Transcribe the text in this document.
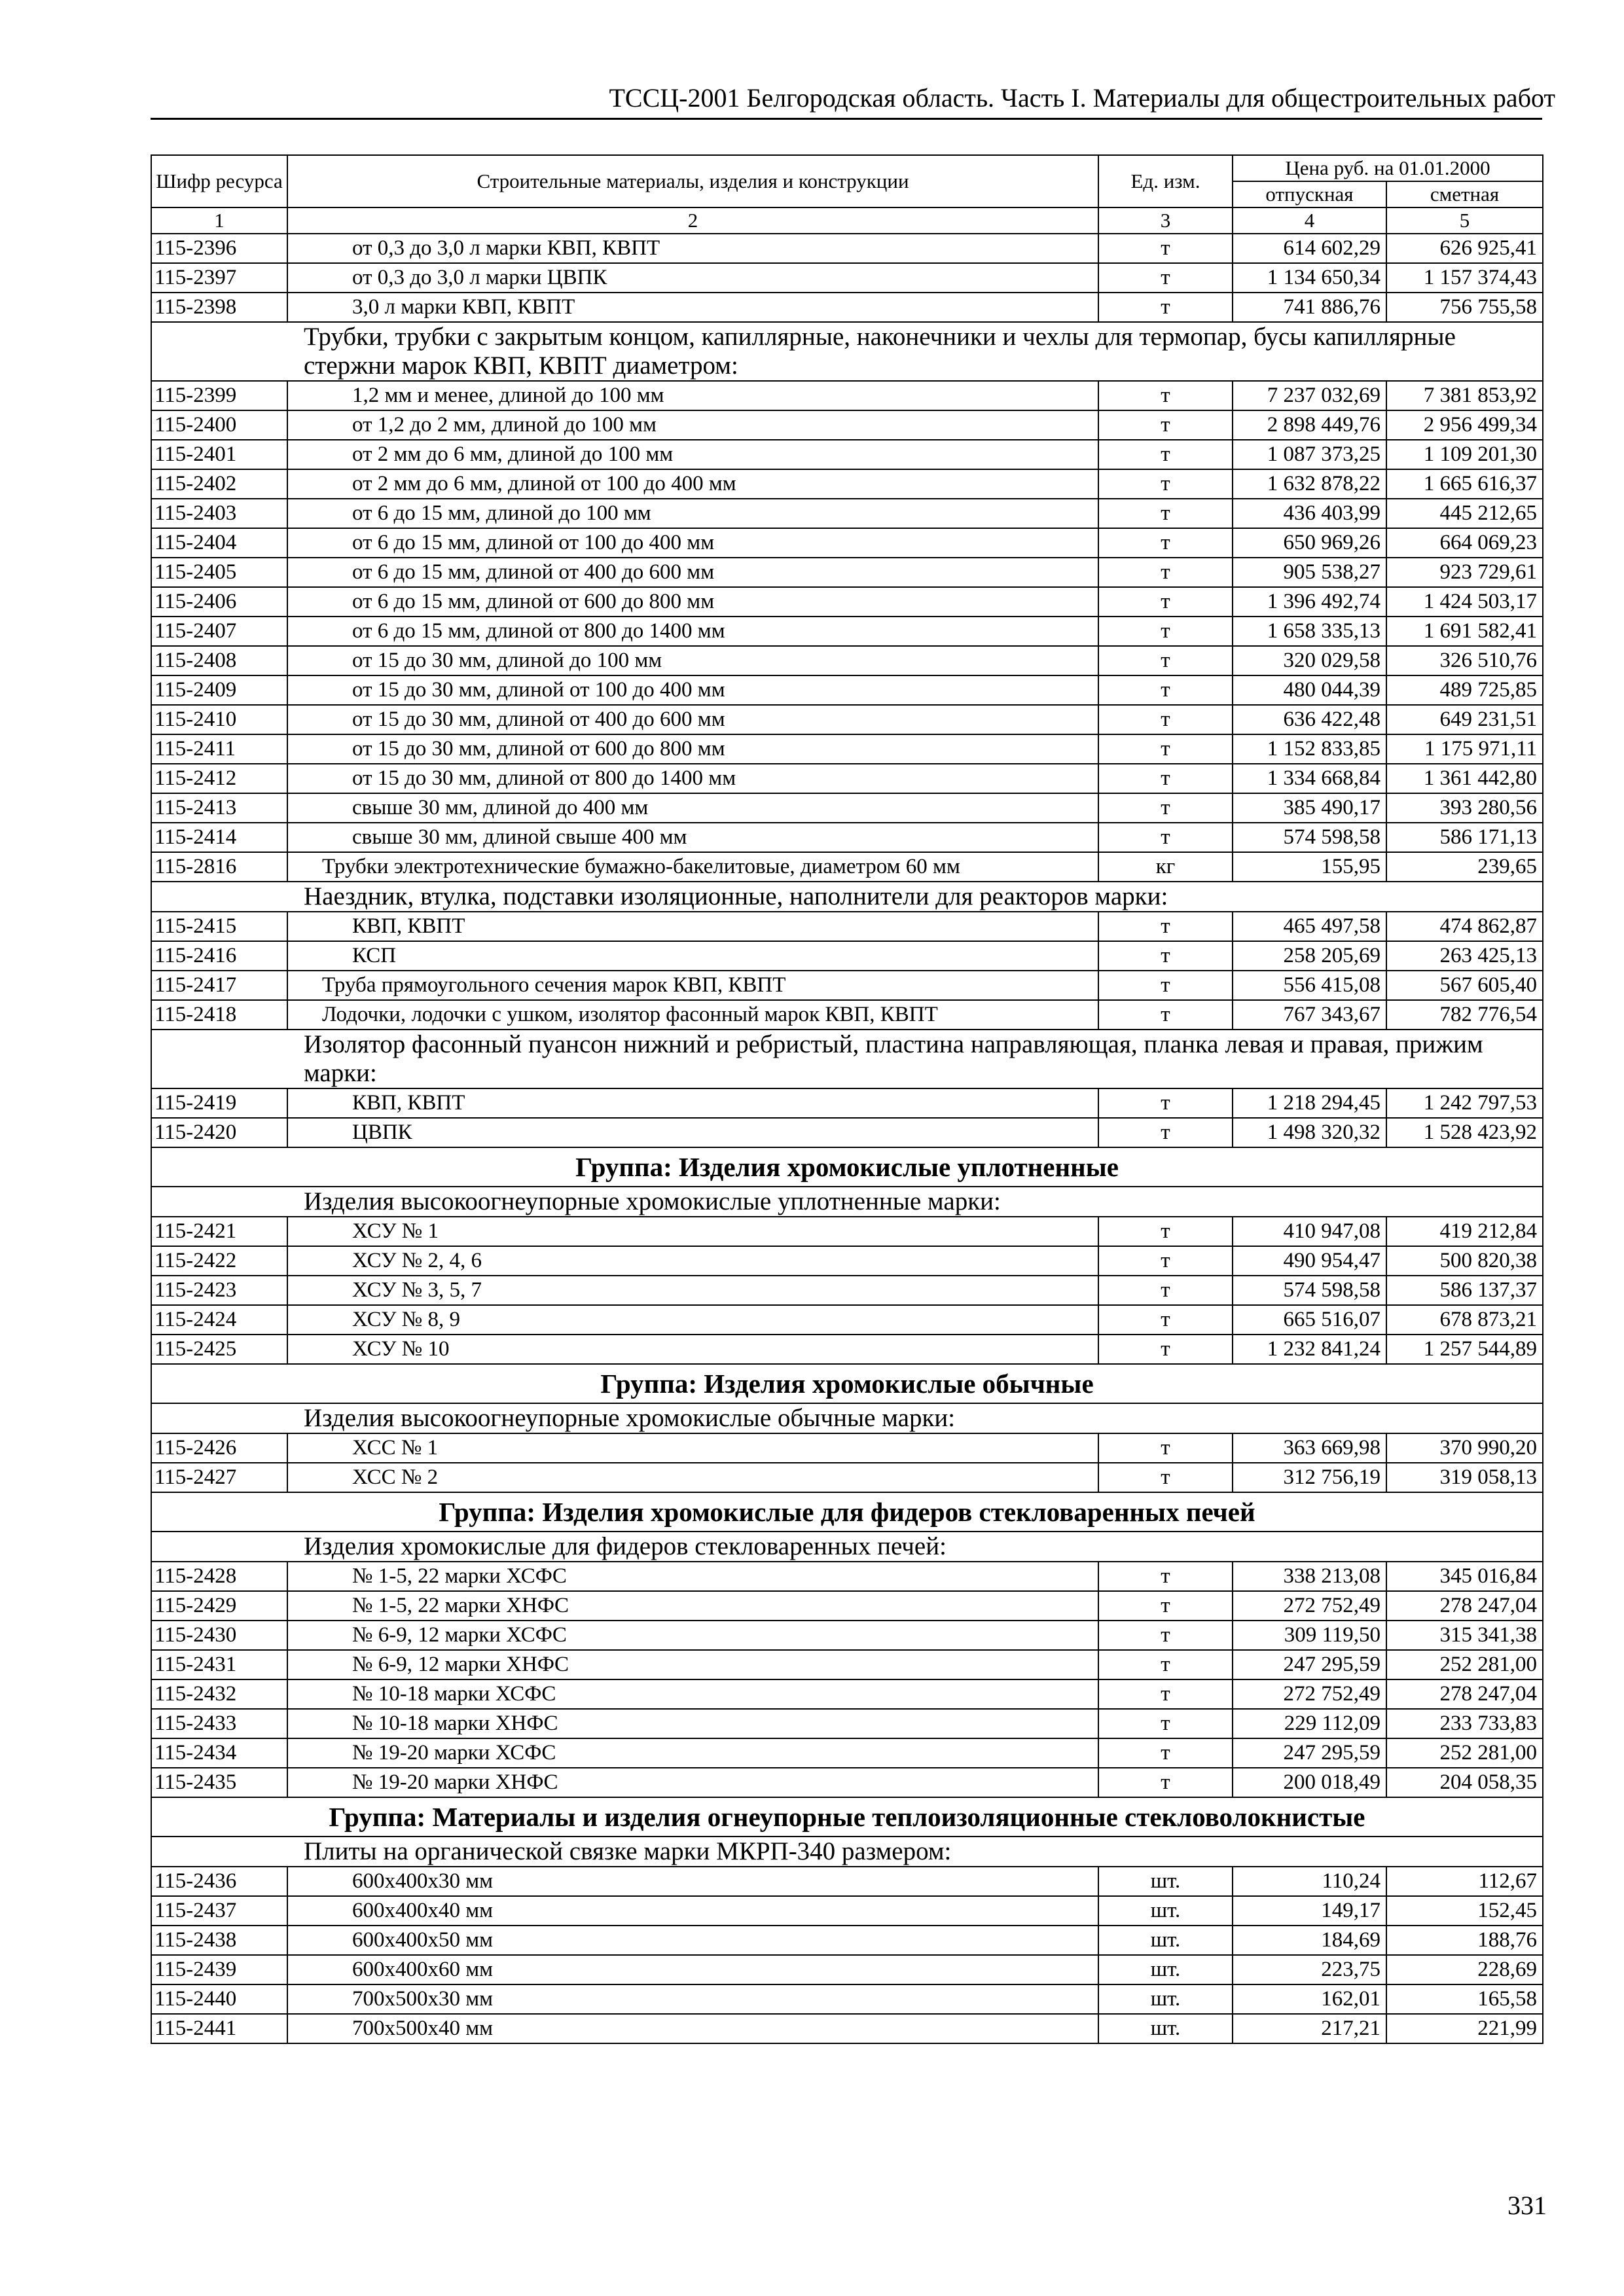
ТССЦ-2001 Белгородская область. Часть I. Материалы для общестроительных работ
Шифр ресурса	Строительные материалы, изделия и конструкции	Ед. изм.	Цена руб. на 01.01.2000	
			отпускная	сметная
1	2	3	4	5
115-2396	от 0,3 до 3,0 л марки КВП, КВПТ	т	614 602,29	626 925,41
115-2397	от 0,3 до 3,0 л марки ЦВПК	т	1 134 650,34	1 157 374,43
115-2398	3,0 л марки КВП, КВПТ	т	741 886,76	756 755,58
Трубки, трубки с закрытым концом, капиллярные, наконечники и чехлы для термопар, бусы капиллярные стержни марок КВП, КВПТ диаметром:				
115-2399	1,2 мм и менее, длиной до 100 мм	т	7 237 032,69	7 381 853,92
115-2400	от 1,2 до 2 мм, длиной до 100 мм	т	2 898 449,76	2 956 499,34
115-2401	от 2 мм до 6 мм, длиной до 100 мм	т	1 087 373,25	1 109 201,30
115-2402	от 2 мм до 6 мм, длиной от 100 до 400 мм	т	1 632 878,22	1 665 616,37
115-2403	от 6 до 15 мм, длиной до 100 мм	т	436 403,99	445 212,65
115-2404	от 6 до 15 мм, длиной от 100 до 400 мм	т	650 969,26	664 069,23
115-2405	от 6 до 15 мм, длиной от 400 до 600 мм	т	905 538,27	923 729,61
115-2406	от 6 до 15 мм, длиной от 600 до 800 мм	т	1 396 492,74	1 424 503,17
115-2407	от 6 до 15 мм, длиной от 800 до 1400 мм	т	1 658 335,13	1 691 582,41
115-2408	от 15 до 30 мм, длиной до 100 мм	т	320 029,58	326 510,76
115-2409	от 15 до 30 мм, длиной от 100 до 400 мм	т	480 044,39	489 725,85
115-2410	от 15 до 30 мм, длиной от 400 до 600 мм	т	636 422,48	649 231,51
115-2411	от 15 до 30 мм, длиной от 600 до 800 мм	т	1 152 833,85	1 175 971,11
115-2412	от 15 до 30 мм, длиной от 800 до 1400 мм	т	1 334 668,84	1 361 442,80
115-2413	свыше 30 мм, длиной до 400 мм	т	385 490,17	393 280,56
115-2414	свыше 30 мм, длиной свыше 400 мм	т	574 598,58	586 171,13
115-2816	Трубки электротехнические бумажно-бакелитовые, диаметром 60 мм	кг	155,95	239,65
Наездник, втулка, подставки изоляционные, наполнители для реакторов марки:				
115-2415	КВП, КВПТ	т	465 497,58	474 862,87
115-2416	КСП	т	258 205,69	263 425,13
115-2417	Труба прямоугольного сечения марок КВП, КВПТ	т	556 415,08	567 605,40
115-2418	Лодочки, лодочки с ушком, изолятор фасонный марок КВП, КВПТ	т	767 343,67	782 776,54
Изолятор фасонный пуансон нижний и ребристый, пластина направляющая, планка левая и правая, прижим марки:				
115-2419	КВП, КВПТ	т	1 218 294,45	1 242 797,53
115-2420	ЦВПК	т	1 498 320,32	1 528 423,92
Группа: Изделия хромокислые уплотненные				
Изделия высокоогнеупорные хромокислые уплотненные марки:				
115-2421	ХСУ № 1	т	410 947,08	419 212,84
115-2422	ХСУ № 2, 4, 6	т	490 954,47	500 820,38
115-2423	ХСУ № 3, 5, 7	т	574 598,58	586 137,37
115-2424	ХСУ № 8, 9	т	665 516,07	678 873,21
115-2425	ХСУ № 10	т	1 232 841,24	1 257 544,89
Группа: Изделия хромокислые обычные				
Изделия высокоогнеупорные хромокислые обычные марки:				
115-2426	ХСС № 1	т	363 669,98	370 990,20
115-2427	ХСС № 2	т	312 756,19	319 058,13
Группа: Изделия хромокислые для фидеров стекловаренных печей				
Изделия хромокислые для фидеров стекловаренных печей:				
115-2428	№ 1-5, 22 марки ХСФС	т	338 213,08	345 016,84
115-2429	№ 1-5, 22 марки ХНФС	т	272 752,49	278 247,04
115-2430	№ 6-9, 12 марки ХСФС	т	309 119,50	315 341,38
115-2431	№ 6-9, 12 марки ХНФС	т	247 295,59	252 281,00
115-2432	№ 10-18 марки ХСФС	т	272 752,49	278 247,04
115-2433	№ 10-18 марки ХНФС	т	229 112,09	233 733,83
115-2434	№ 19-20 марки ХСФС	т	247 295,59	252 281,00
115-2435	№ 19-20 марки ХНФС	т	200 018,49	204 058,35
Группа: Материалы и изделия огнеупорные теплоизоляционные стекловолокнистые				
Плиты на органической связке марки МКРП-340 размером:				
115-2436	600x400x30 мм	шт.	110,24	112,67
115-2437	600x400x40 мм	шт.	149,17	152,45
115-2438	600x400x50 мм	шт.	184,69	188,76
115-2439	600x400x60 мм	шт.	223,75	228,69
115-2440	700x500x30 мм	шт.	162,01	165,58
115-2441	700x500x40 мм	шт.	217,21	221,99
331
